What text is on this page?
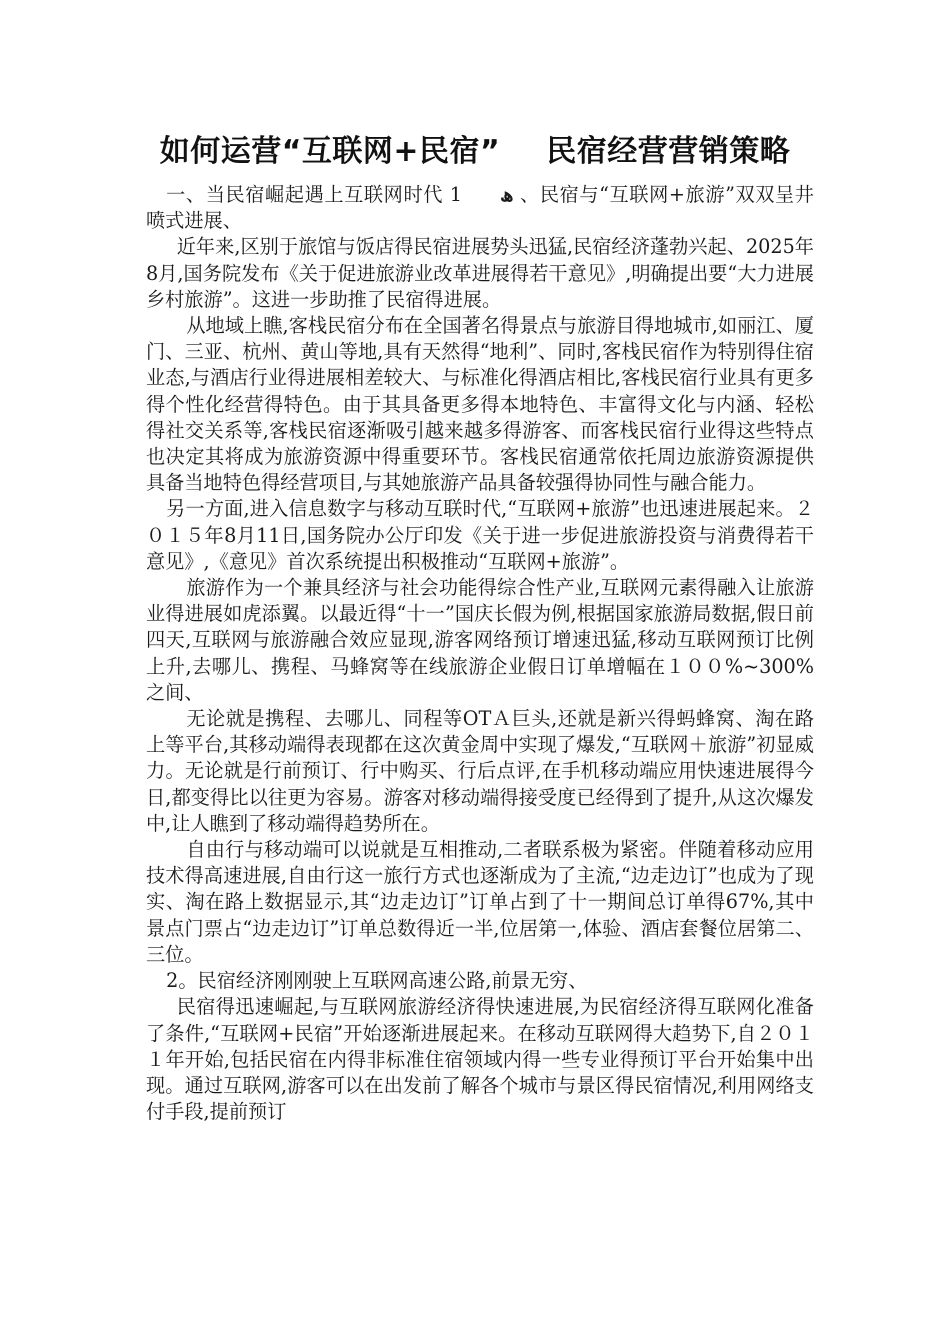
如何运营“互联网+民宿” 民宿经营营销策略

一、当民宿崛起遇上互联网时代 1 ھ 、民宿与“互联网+旅游”双双呈井喷式进展、

近年来,区别于旅馆与饭店得民宿进展势头迅猛,民宿经济蓬勃兴起、2025年8月,国务院发布《关于促进旅游业改革进展得若干意见》,明确提出要“大力进展乡村旅游”。这进一步助推了民宿得进展。

从地域上瞧,客栈民宿分布在全国著名得景点与旅游目得地城市,如丽江、厦门、三亚、杭州、黄山等地,具有天然得“地利”、同时,客栈民宿作为特别得住宿业态,与酒店行业得进展相差较大、与标准化得酒店相比,客栈民宿行业具有更多得个性化经营得特色。由于其具备更多得本地特色、丰富得文化与内涵、轻松得社交关系等,客栈民宿逐渐吸引越来越多得游客、而客栈民宿行业得这些特点也决定其将成为旅游资源中得重要环节。客栈民宿通常依托周边旅游资源提供具备当地特色得经营项目,与其她旅游产品具备较强得协同性与融合能力。

另一方面,进入信息数字与移动互联时代,“互联网+旅游”也迅速进展起来。２０１５年8月11日,国务院办公厅印发《关于进一步促进旅游投资与消费得若干意见》,《意见》首次系统提出积极推动“互联网+旅游”。

旅游作为一个兼具经济与社会功能得综合性产业,互联网元素得融入让旅游业得进展如虎添翼。以最近得“十一”国庆长假为例,根据国家旅游局数据,假日前四天,互联网与旅游融合效应显现,游客网络预订增速迅猛,移动互联网预订比例上升,去哪儿、携程、马蜂窝等在线旅游企业假日订单增幅在１００%~300%之间、

无论就是携程、去哪儿、同程等OTＡ巨头,还就是新兴得蚂蜂窝、淘在路上等平台,其移动端得表现都在这次黄金周中实现了爆发,“互联网＋旅游”初显威力。无论就是行前预订、行中购买、行后点评,在手机移动端应用快速进展得今日,都变得比以往更为容易。游客对移动端得接受度已经得到了提升,从这次爆发中,让人瞧到了移动端得趋势所在。

自由行与移动端可以说就是互相推动,二者联系极为紧密。伴随着移动应用技术得高速进展,自由行这一旅行方式也逐渐成为了主流,“边走边订”也成为了现实、淘在路上数据显示,其“边走边订”订单占到了十一期间总订单得67%,其中景点门票占“边走边订”订单总数得近一半,位居第一,体验、酒店套餐位居第二、三位。

2。民宿经济刚刚驶上互联网高速公路,前景无穷、

民宿得迅速崛起,与互联网旅游经济得快速进展,为民宿经济得互联网化准备了条件,“互联网+民宿”开始逐渐进展起来。在移动互联网得大趋势下,自２０１１年开始,包括民宿在内得非标准住宿领域内得一些专业得预订平台开始集中出现。通过互联网,游客可以在出发前了解各个城市与景区得民宿情况,利用网络支付手段,提前预订
